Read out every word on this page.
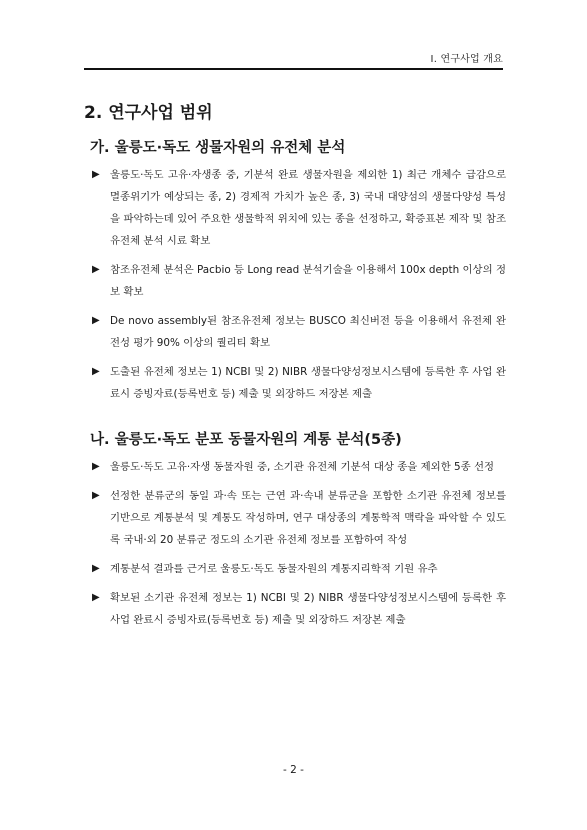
Ⅰ. 연구사업 개요
2. 연구사업 범위
가. 울릉도·독도 생물자원의 유전체 분석
▶ 울릉도·독도 고유·자생종 중, 기분석 완료 생물자원을 제외한 1) 최근 개체수 급감으로 멸종위기가 예상되는 종, 2) 경제적 가치가 높은 종, 3) 국내 대양섬의 생물다양성 특성을 파악하는데 있어 주요한 생물학적 위치에 있는 종을 선정하고, 확증표본 제작 및 참조유전체 분석 시료 확보
▶ 참조유전체 분석은 Pacbio 등 Long read 분석기술을 이용해서 100x depth 이상의 정보 확보
▶ De novo assembly된 참조유전체 정보는 BUSCO 최신버전 등을 이용해서 유전체 완전성 평가 90% 이상의 퀄리티 확보
▶ 도출된 유전체 정보는 1) NCBI 및 2) NIBR 생물다양성정보시스템에 등록한 후 사업 완료시 증빙자료(등록번호 등) 제출 및 외장하드 저장본 제출
나. 울릉도·독도 분포 동물자원의 계통 분석(5종)
▶ 울릉도·독도 고유·자생 동물자원 중, 소기관 유전체 기분석 대상 종을 제외한 5종 선정
▶ 선정한 분류군의 동일 과·속 또는 근연 과·속내 분류군을 포함한 소기관 유전체 정보를 기반으로 계통분석 및 계통도 작성하며, 연구 대상종의 계통학적 맥락을 파악할 수 있도록 국내·외 20 분류군 정도의 소기관 유전체 정보를 포함하여 작성
▶ 계통분석 결과를 근거로 울릉도·독도 동물자원의 계통지리학적 기원 유추
▶ 확보된 소기관 유전체 정보는 1) NCBI 및 2) NIBR 생물다양성정보시스템에 등록한 후 사업 완료시 증빙자료(등록번호 등) 제출 및 외장하드 저장본 제출
- 2 -
